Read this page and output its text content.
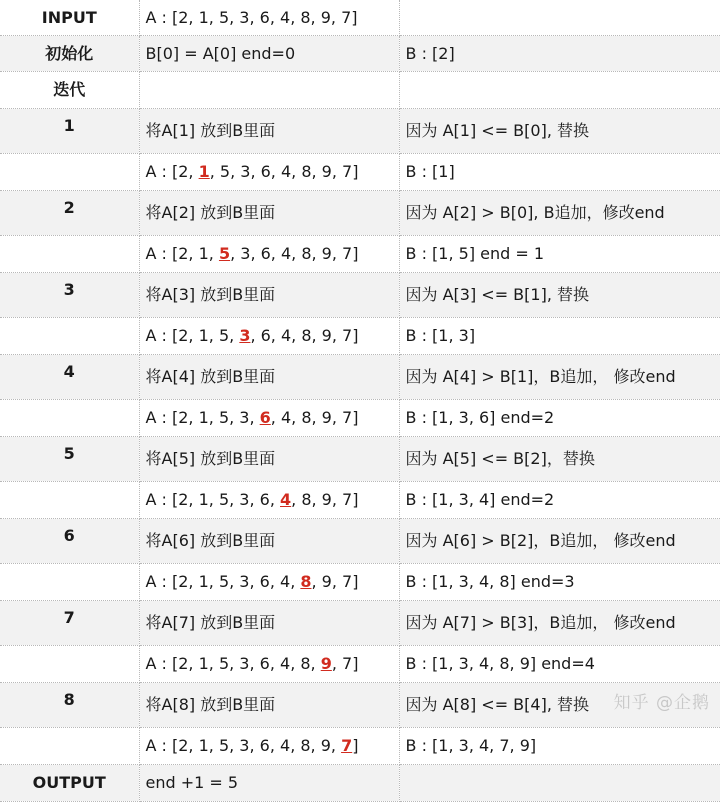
INPUT	A : [2, 1, 5, 3, 6, 4, 8, 9, 7]	
初始化	B[0] = A[0] end=0	B : [2]
迭代		
1	将A[1] 放到B里面	因为 A[1] <= B[0], 替换
	A : [2, 1, 5, 3, 6, 4, 8, 9, 7]	B : [1]
2	将A[2] 放到B里面	因为 A[2] > B[0], B追加，修改end
	A : [2, 1, 5, 3, 6, 4, 8, 9, 7]	B : [1, 5] end = 1
3	将A[3] 放到B里面	因为 A[3] <= B[1], 替换
	A : [2, 1, 5, 3, 6, 4, 8, 9, 7]	B : [1, 3]
4	将A[4] 放到B里面	因为 A[4] > B[1]，B追加， 修改end
	A : [2, 1, 5, 3, 6, 4, 8, 9, 7]	B : [1, 3, 6] end=2
5	将A[5] 放到B里面	因为 A[5] <= B[2]，替换
	A : [2, 1, 5, 3, 6, 4, 8, 9, 7]	B : [1, 3, 4] end=2
6	将A[6] 放到B里面	因为 A[6] > B[2]，B追加， 修改end
	A : [2, 1, 5, 3, 6, 4, 8, 9, 7]	B : [1, 3, 4, 8] end=3
7	将A[7] 放到B里面	因为 A[7] > B[3]，B追加， 修改end
	A : [2, 1, 5, 3, 6, 4, 8, 9, 7]	B : [1, 3, 4, 8, 9] end=4
8	将A[8] 放到B里面	因为 A[8] <= B[4], 替换
	A : [2, 1, 5, 3, 6, 4, 8, 9, 7]	B : [1, 3, 4, 7, 9]
OUTPUT	end +1 = 5	
知乎 @企鹅
